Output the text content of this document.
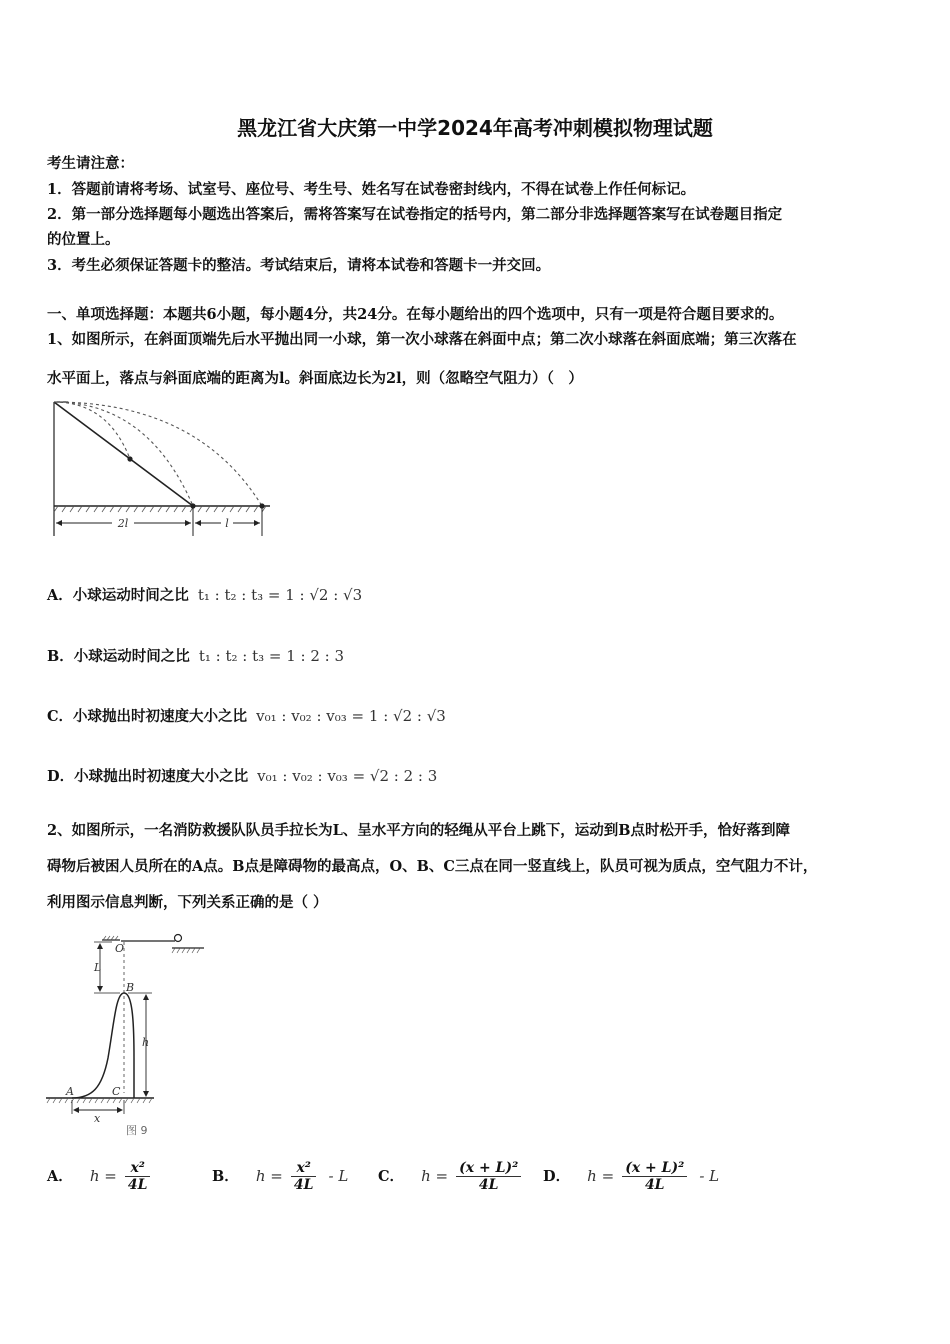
黑龙江省大庆第一中学2024年高考冲刺模拟物理试题
考生请注意：
1．答题前请将考场、试室号、座位号、考生号、姓名写在试卷密封线内，不得在试卷上作任何标记。
2．第一部分选择题每小题选出答案后，需将答案写在试卷指定的括号内，第二部分非选择题答案写在试卷题目指定
的位置上。
3．考生必须保证答题卡的整洁。考试结束后，请将本试卷和答题卡一并交回。
一、单项选择题：本题共6小题，每小题4分，共24分。在每小题给出的四个选项中，只有一项是符合题目要求的。
1、如图所示，在斜面顶端先后水平抛出同一小球，第一次小球落在斜面中点；第二次小球落在斜面底端；第三次落在
水平面上，落点与斜面底端的距离为l。斜面底边长为2l，则（忽略空气阻力）（　）
2l	l
A．小球运动时间之比 t₁ : t₂ : t₃ = 1 : √2 : √3
B．小球运动时间之比 t₁ : t₂ : t₃ = 1 : 2 : 3
C．小球抛出时初速度大小之比 v₀₁ : v₀₂ : v₀₃ = 1 : √2 : √3
D．小球抛出时初速度大小之比 v₀₁ : v₀₂ : v₀₃ = √2 : 2 : 3
2、如图所示，一名消防救援队队员手拉长为L、呈水平方向的轻绳从平台上跳下，运动到B点时松开手，恰好落到障
碍物后被困人员所在的A点。B点是障碍物的最高点，O、B、C三点在同一竖直线上，队员可视为质点，空气阻力不计，
利用图示信息判断，下列关系正确的是（ ）
O
L
B
h
A	C
x
图 9
A． $h = \frac{\text{x²}}{4L}$	B． $h = \frac{\text{x²}}{4L} - L$ C． $h = \frac{\text{(x + L)²}}{4L}$ D． $h = \frac{\text{(x + L)²}}{4L} - L$
